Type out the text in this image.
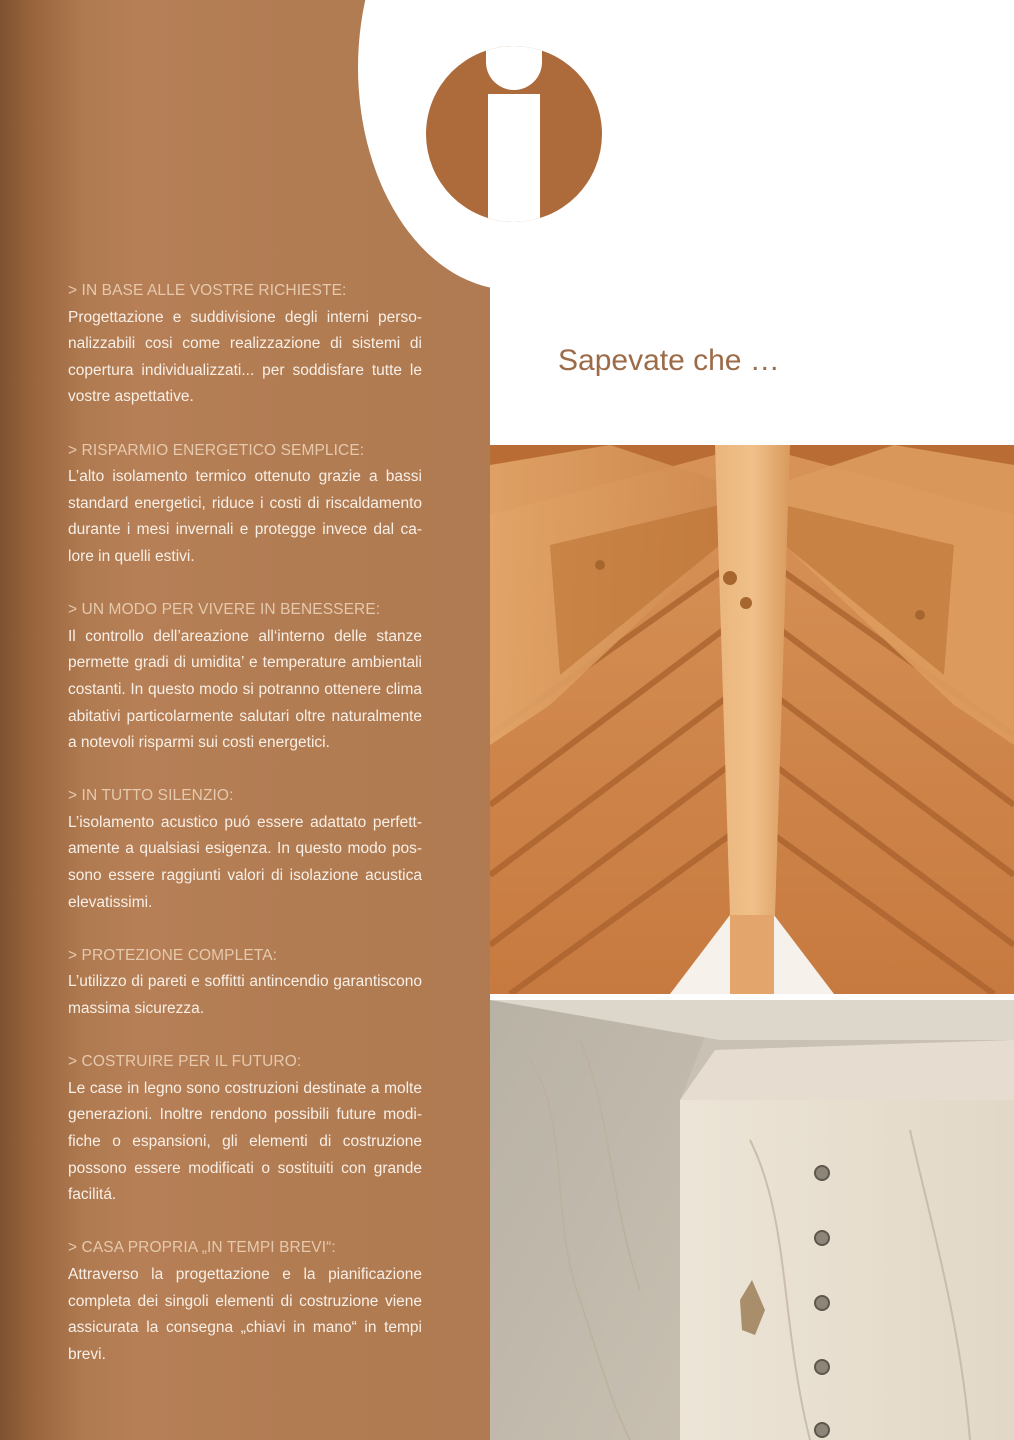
> IN BASE ALLE VOSTRE RICHIESTE:
Progettazione e suddivisione degli interni personalizzabili cosi come realizzazione di sistemi di copertura individualizzati... per soddisfare tutte le vostre aspettative.
> RISPARMIO ENERGETICO SEMPLICE:
L’alto isolamento termico ottenuto grazie a bassi standard energetici, riduce i costi di riscaldamento durante i mesi invernali e protegge invece dal calore in quelli estivi.
> UN MODO PER VIVERE IN BENESSERE:
Il controllo dell’areazione all‘interno delle stanze permette gradi di umidita’ e temperature ambientali costanti. In questo modo si potranno ottenere clima abitativi particolarmente salutari oltre naturalmente a notevoli risparmi sui costi energetici.
> IN TUTTO SILENZIO:
L’isolamento acustico puó essere adattato perfettamente a qualsiasi esigenza. In questo modo possono essere raggiunti valori di isolazione acustica elevatissimi.
> PROTEZIONE COMPLETA:
L’utilizzo di pareti e soffitti antincendio garantiscono massima sicurezza.
> COSTRUIRE PER IL FUTURO:
Le case in legno sono costruzioni destinate a molte generazioni. Inoltre rendono possibili future modifiche o espansioni, gli elementi di costruzione possono essere modificati o sostituiti con grande facilitá.
> CASA PROPRIA „IN TEMPI BREVI“:
Attraverso la progettazione e la pianificazione completa dei singoli elementi di costruzione viene assicurata la consegna „chiavi in mano“ in tempi brevi.
Sapevate che …
